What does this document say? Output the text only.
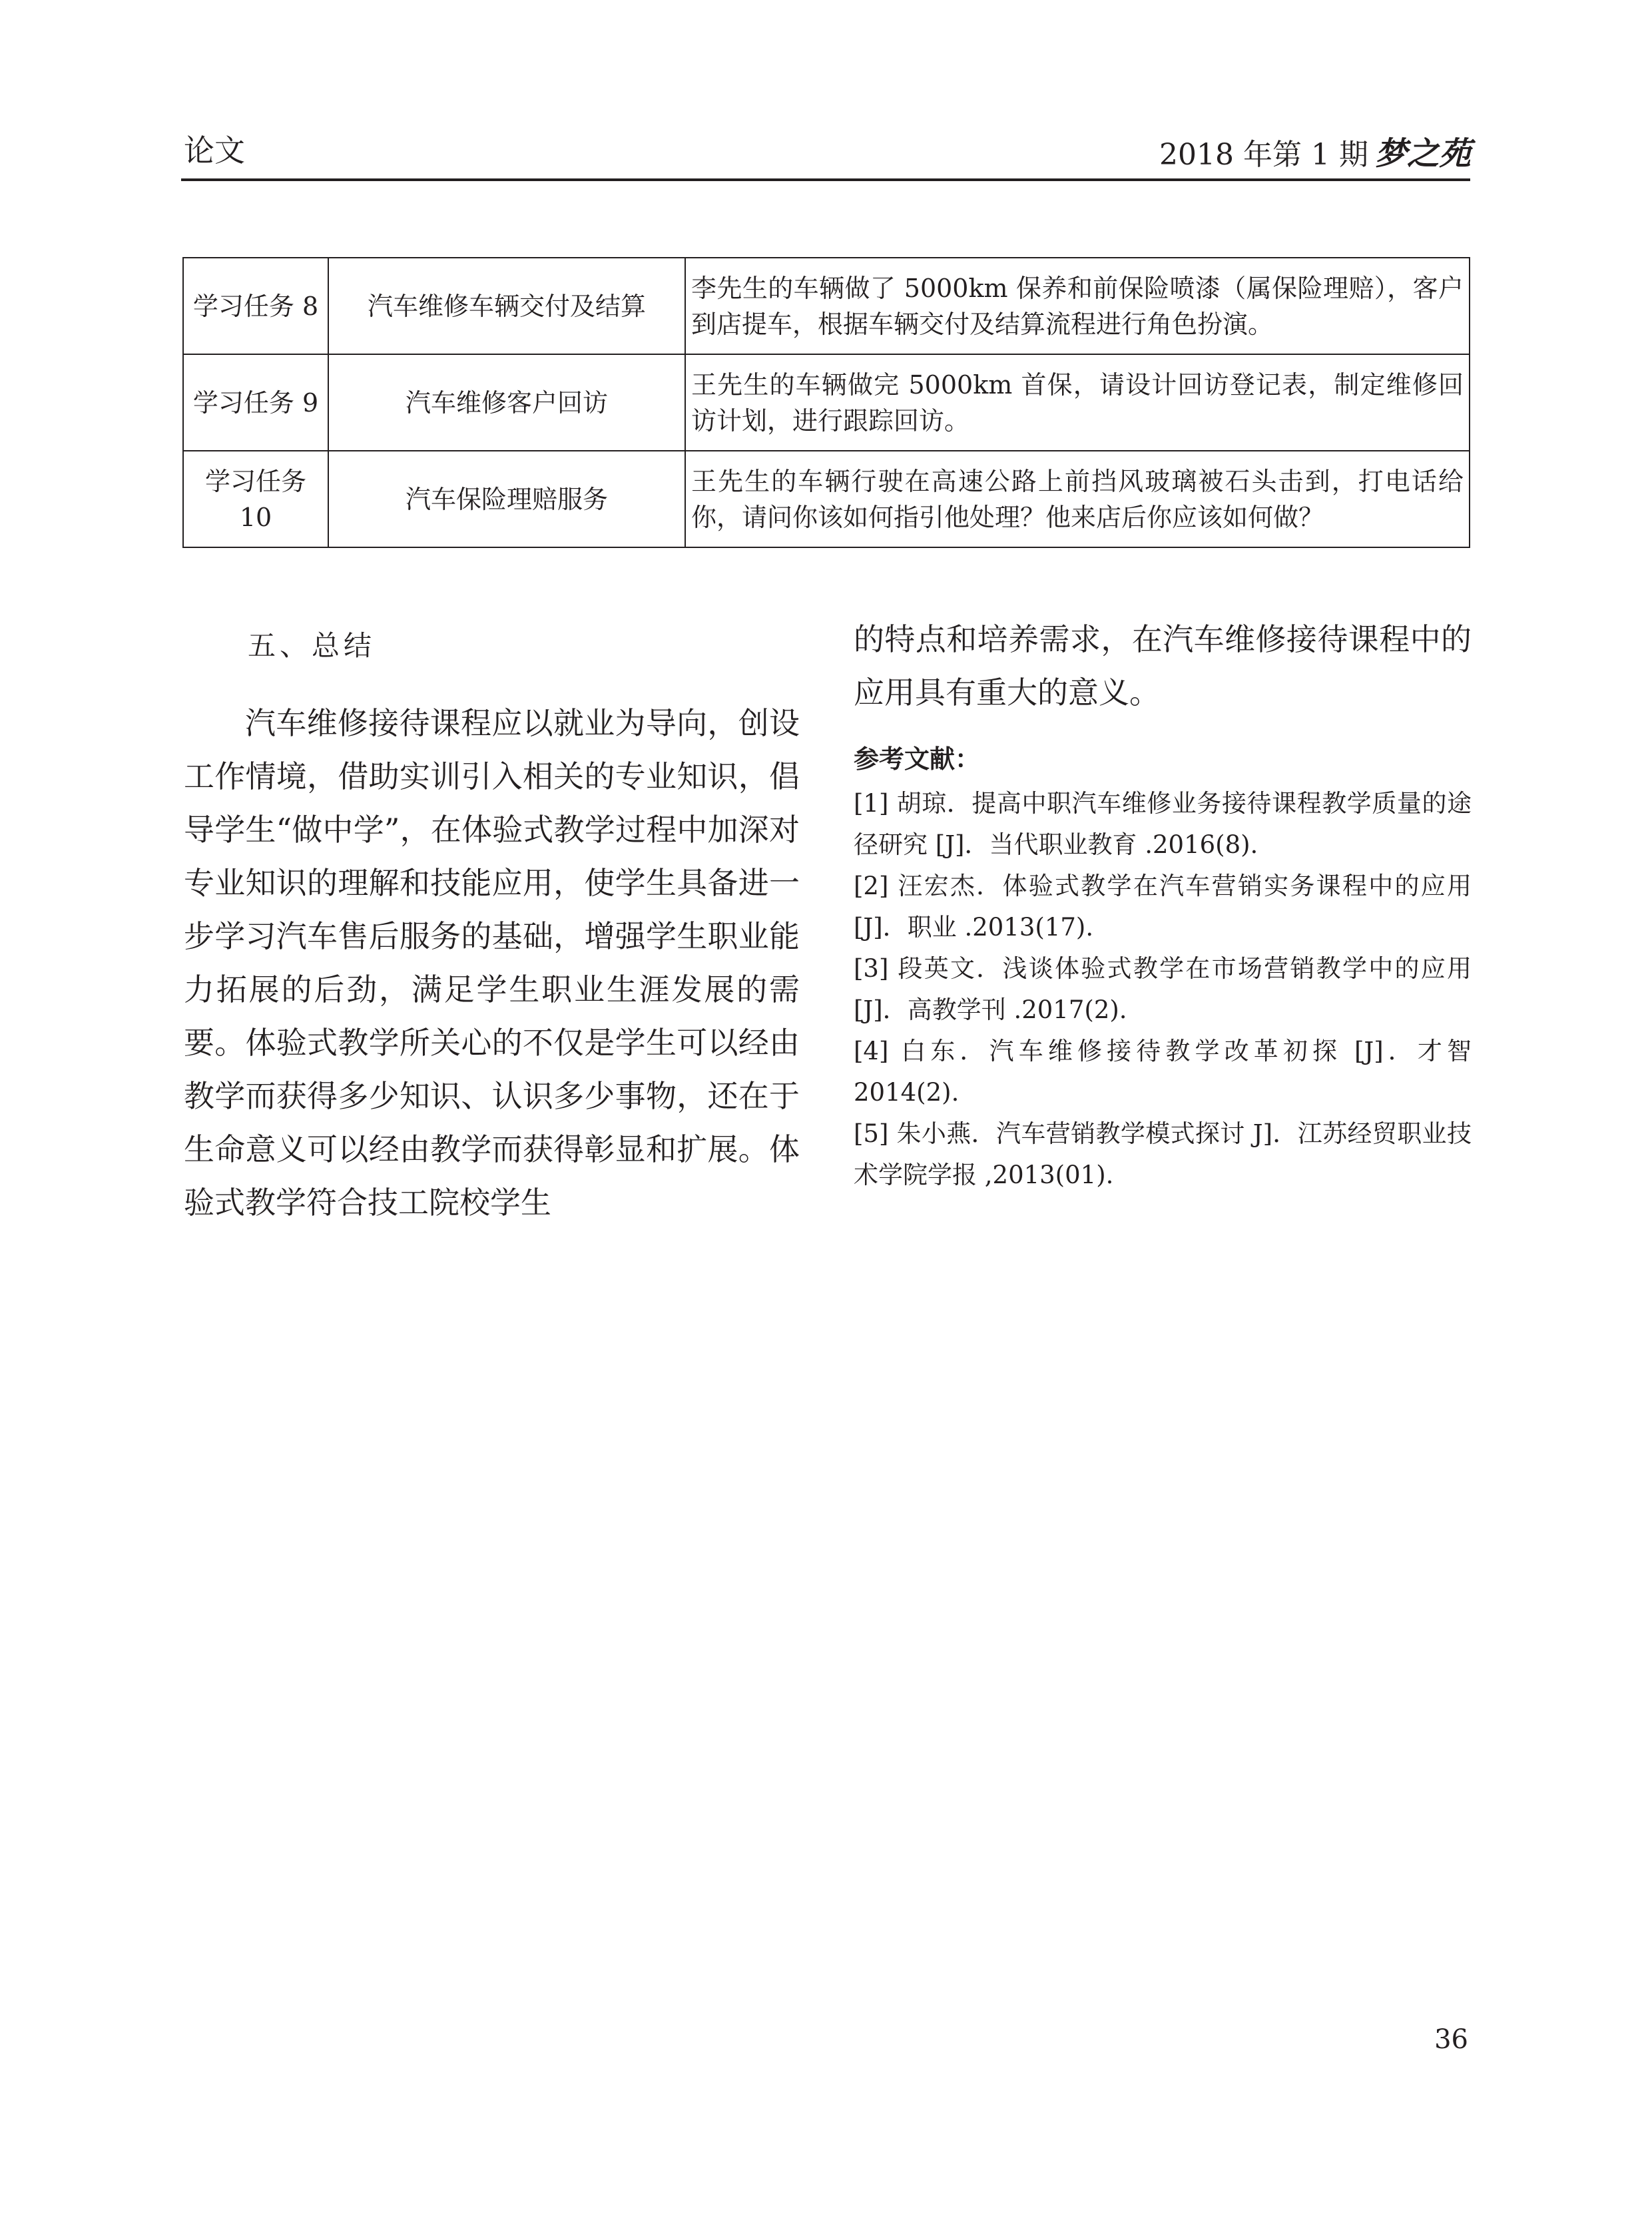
论文	2018 年第 1 期 梦之苑
学习任务 8	汽车维修车辆交付及结算	李先生的车辆做了 5000km 保养和前保险喷漆（属保险理赔），客户到店提车，根据车辆交付及结算流程进行角色扮演。
学习任务 9	汽车维修客户回访	王先生的车辆做完 5000km 首保，请设计回访登记表，制定维修回访计划，进行跟踪回访。
学习任务 10	汽车保险理赔服务	王先生的车辆行驶在高速公路上前挡风玻璃被石头击到，打电话给你，请问你该如何指引他处理？他来店后你应该如何做？
五、总结

汽车维修接待课程应以就业为导向，创设工作情境，借助实训引入相关的专业知识，倡导学生“做中学”，在体验式教学过程中加深对专业知识的理解和技能应用，使学生具备进一步学习汽车售后服务的基础，增强学生职业能力拓展的后劲，满足学生职业生涯发展的需要。体验式教学所关心的不仅是学生可以经由教学而获得多少知识、认识多少事物，还在于生命意义可以经由教学而获得彰显和扩展。体验式教学符合技工院校学生

的特点和培养需求，在汽车维修接待课程中的应用具有重大的意义。

参考文献：

[1] 胡琼．提高中职汽车维修业务接待课程教学质量的途径研究 [J]．当代职业教育 .2016(8).

[2] 汪宏杰．体验式教学在汽车营销实务课程中的应用 [J]．职业 .2013(17).

[3] 段英文．浅谈体验式教学在市场营销教学中的应用 [J]．高教学刊 .2017(2).

[4] 白东．汽车维修接待教学改革初探 [J]．才智 2014(2).

[5] 朱小燕．汽车营销教学模式探讨 J]．江苏经贸职业技术学院学报 ,2013(01).

36
